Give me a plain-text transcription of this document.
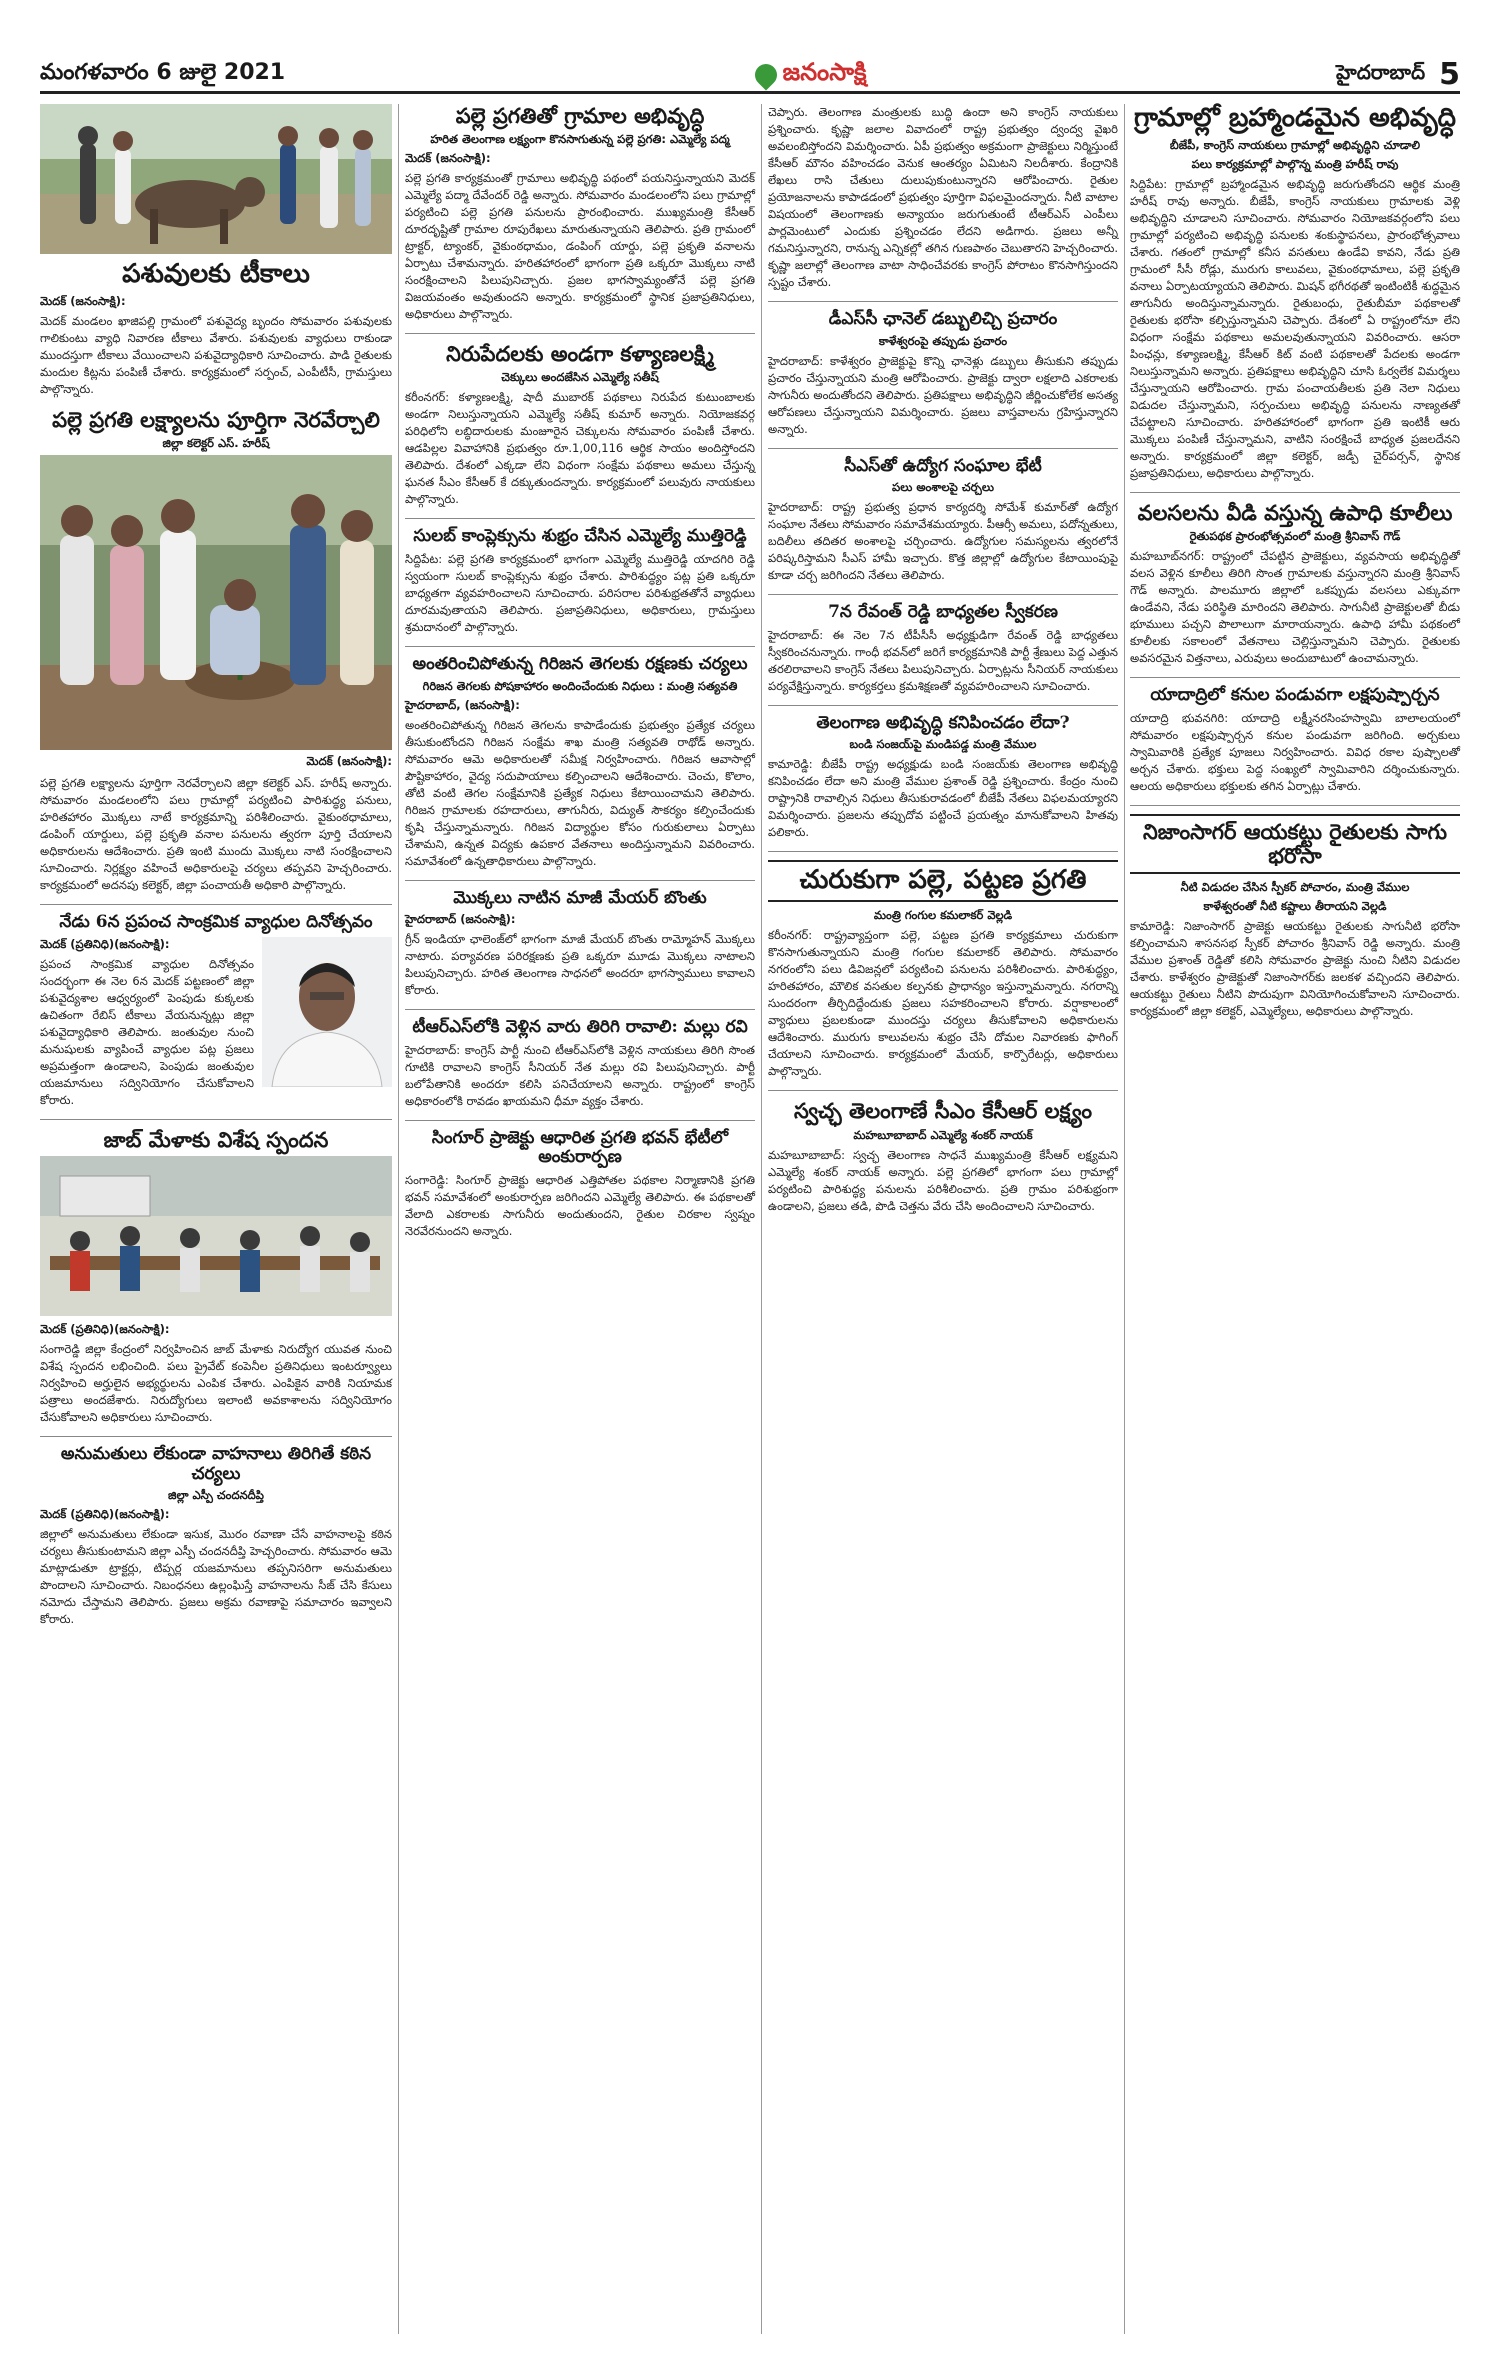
మంగళవారం 6 జులై 2021	జనంసాక్షి	హైదరాబాద్ 5
పశువులకు టీకాలు
మెదక్ (జనంసాక్షి):
మెదక్ మండలం ఖాజిపల్లి గ్రామంలో పశువైద్య బృందం సోమవారం పశువులకు గాలికుంటు వ్యాధి నివారణ టీకాలు వేశారు. పశువులకు వ్యాధులు రాకుండా ముందస్తుగా టీకాలు వేయించాలని పశువైద్యాధికారి సూచించారు. పాడి రైతులకు మందుల కిట్లను పంపిణీ చేశారు. కార్యక్రమంలో సర్పంచ్, ఎంపీటీసీ, గ్రామస్తులు పాల్గొన్నారు.
పల్లె ప్రగతి లక్ష్యాలను పూర్తిగా నెరవేర్చాలి
జిల్లా కలెక్టర్ ఎస్. హరీష్
మెదక్ (జనంసాక్షి):
పల్లె ప్రగతి లక్ష్యాలను పూర్తిగా నెరవేర్చాలని జిల్లా కలెక్టర్ ఎస్. హరీష్ అన్నారు. సోమవారం మండలంలోని పలు గ్రామాల్లో పర్యటించి పారిశుద్ధ్య పనులు, హరితహారం మొక్కలు నాటే కార్యక్రమాన్ని పరిశీలించారు. వైకుంఠధామాలు, డంపింగ్ యార్డులు, పల్లె ప్రకృతి వనాల పనులను త్వరగా పూర్తి చేయాలని అధికారులను ఆదేశించారు. ప్రతి ఇంటి ముందు మొక్కలు నాటి సంరక్షించాలని సూచించారు. నిర్లక్ష్యం వహించే అధికారులపై చర్యలు తప్పవని హెచ్చరించారు. కార్యక్రమంలో అదనపు కలెక్టర్, జిల్లా పంచాయతీ అధికారి పాల్గొన్నారు.
నేడు 6న ప్రపంచ సాంక్రమిక వ్యాధుల దినోత్సవం
మెదక్ (ప్రతినిధి)(జనంసాక్షి):
ప్రపంచ సాంక్రమిక వ్యాధుల దినోత్సవం సందర్భంగా ఈ నెల 6న మెదక్ పట్టణంలో జిల్లా పశువైద్యశాల ఆధ్వర్యంలో పెంపుడు కుక్కలకు ఉచితంగా రేబిస్ టీకాలు వేయనున్నట్లు జిల్లా పశువైద్యాధికారి తెలిపారు. జంతువుల నుంచి మనుషులకు వ్యాపించే వ్యాధుల పట్ల ప్రజలు అప్రమత్తంగా ఉండాలని, పెంపుడు జంతువుల యజమానులు సద్వినియోగం చేసుకోవాలని కోరారు.
జాబ్ మేళాకు విశేష స్పందన
మెదక్ (ప్రతినిధి)(జనంసాక్షి):
సంగారెడ్డి జిల్లా కేంద్రంలో నిర్వహించిన జాబ్ మేళాకు నిరుద్యోగ యువత నుంచి విశేష స్పందన లభించింది. పలు ప్రైవేట్ కంపెనీల ప్రతినిధులు ఇంటర్వ్యూలు నిర్వహించి అర్హులైన అభ్యర్థులను ఎంపిక చేశారు. ఎంపికైన వారికి నియామక పత్రాలు అందజేశారు. నిరుద్యోగులు ఇలాంటి అవకాశాలను సద్వినియోగం చేసుకోవాలని అధికారులు సూచించారు.
అనుమతులు లేకుండా వాహనాలు తిరిగితే కఠిన చర్యలు
జిల్లా ఎస్పీ చందనదీప్తి
మెదక్ (ప్రతినిధి)(జనంసాక్షి):
జిల్లాలో అనుమతులు లేకుండా ఇసుక, మొరం రవాణా చేసే వాహనాలపై కఠిన చర్యలు తీసుకుంటామని జిల్లా ఎస్పీ చందనదీప్తి హెచ్చరించారు. సోమవారం ఆమె మాట్లాడుతూ ట్రాక్టర్లు, టిప్పర్ల యజమానులు తప్పనిసరిగా అనుమతులు పొందాలని సూచించారు. నిబంధనలు ఉల్లంఘిస్తే వాహనాలను సీజ్ చేసి కేసులు నమోదు చేస్తామని తెలిపారు. ప్రజలు అక్రమ రవాణాపై సమాచారం ఇవ్వాలని కోరారు.
పల్లె ప్రగతితో గ్రామాల అభివృద్ధి
హరిత తెలంగాణ లక్ష్యంగా కొనసాగుతున్న పల్లె ప్రగతి: ఎమ్మెల్యే పద్మ
మెదక్ (జనంసాక్షి):
పల్లె ప్రగతి కార్యక్రమంతో గ్రామాలు అభివృద్ధి పథంలో పయనిస్తున్నాయని మెదక్ ఎమ్మెల్యే పద్మా దేవేందర్ రెడ్డి అన్నారు. సోమవారం మండలంలోని పలు గ్రామాల్లో పర్యటించి పల్లె ప్రగతి పనులను ప్రారంభించారు. ముఖ్యమంత్రి కేసీఆర్ దూరదృష్టితో గ్రామాల రూపురేఖలు మారుతున్నాయని తెలిపారు. ప్రతి గ్రామంలో ట్రాక్టర్, ట్యాంకర్, వైకుంఠధామం, డంపింగ్ యార్డు, పల్లె ప్రకృతి వనాలను ఏర్పాటు చేశామన్నారు. హరితహారంలో భాగంగా ప్రతి ఒక్కరూ మొక్కలు నాటి సంరక్షించాలని పిలుపునిచ్చారు. ప్రజల భాగస్వామ్యంతోనే పల్లె ప్రగతి విజయవంతం అవుతుందని అన్నారు. కార్యక్రమంలో స్థానిక ప్రజాప్రతినిధులు, అధికారులు పాల్గొన్నారు.
నిరుపేదలకు అండగా కళ్యాణలక్ష్మి
చెక్కులు అందజేసిన ఎమ్మెల్యే సతీష్
కరీంనగర్: కళ్యాణలక్ష్మి, షాదీ ముబారక్ పథకాలు నిరుపేద కుటుంబాలకు అండగా నిలుస్తున్నాయని ఎమ్మెల్యే సతీష్ కుమార్ అన్నారు. నియోజకవర్గ పరిధిలోని లబ్ధిదారులకు మంజూరైన చెక్కులను సోమవారం పంపిణీ చేశారు. ఆడపిల్లల వివాహానికి ప్రభుత్వం రూ.1,00,116 ఆర్థిక సాయం అందిస్తోందని తెలిపారు. దేశంలో ఎక్కడా లేని విధంగా సంక్షేమ పథకాలు అమలు చేస్తున్న ఘనత సీఎం కేసీఆర్ కే దక్కుతుందన్నారు. కార్యక్రమంలో పలువురు నాయకులు పాల్గొన్నారు.
సులబ్ కాంప్లెక్సును శుభ్రం చేసిన ఎమ్మెల్యే ముత్తిరెడ్డి
సిద్దిపేట: పల్లె ప్రగతి కార్యక్రమంలో భాగంగా ఎమ్మెల్యే ముత్తిరెడ్డి యాదగిరి రెడ్డి స్వయంగా సులబ్ కాంప్లెక్సును శుభ్రం చేశారు. పారిశుద్ధ్యం పట్ల ప్రతి ఒక్కరూ బాధ్యతగా వ్యవహరించాలని సూచించారు. పరిసరాల పరిశుభ్రతతోనే వ్యాధులు దూరమవుతాయని తెలిపారు. ప్రజాప్రతినిధులు, అధికారులు, గ్రామస్తులు శ్రమదానంలో పాల్గొన్నారు.
అంతరించిపోతున్న గిరిజన తెగలకు రక్షణకు చర్యలు
గిరిజన తెగలకు పోషకాహారం అందించేందుకు నిధులు : మంత్రి సత్యవతి
హైదరాబాద్, (జనంసాక్షి):
అంతరించిపోతున్న గిరిజన తెగలను కాపాడేందుకు ప్రభుత్వం ప్రత్యేక చర్యలు తీసుకుంటోందని గిరిజన సంక్షేమ శాఖ మంత్రి సత్యవతి రాథోడ్ అన్నారు. సోమవారం ఆమె అధికారులతో సమీక్ష నిర్వహించారు. గిరిజన ఆవాసాల్లో పౌష్టికాహారం, వైద్య సదుపాయాలు కల్పించాలని ఆదేశించారు. చెంచు, కొలాం, తోటి వంటి తెగల సంక్షేమానికి ప్రత్యేక నిధులు కేటాయించామని తెలిపారు. గిరిజన గ్రామాలకు రహదారులు, తాగునీరు, విద్యుత్ సౌకర్యం కల్పించేందుకు కృషి చేస్తున్నామన్నారు. గిరిజన విద్యార్థుల కోసం గురుకులాలు ఏర్పాటు చేశామని, ఉన్నత విద్యకు ఉపకార వేతనాలు అందిస్తున్నామని వివరించారు. సమావేశంలో ఉన్నతాధికారులు పాల్గొన్నారు.
మొక్కలు నాటిన మాజీ మేయర్ బొంతు
హైదరాబాద్ (జనంసాక్షి):
గ్రీన్ ఇండియా ఛాలెంజ్‌లో భాగంగా మాజీ మేయర్ బొంతు రామ్మోహన్ మొక్కలు నాటారు. పర్యావరణ పరిరక్షణకు ప్రతి ఒక్కరూ మూడు మొక్కలు నాటాలని పిలుపునిచ్చారు. హరిత తెలంగాణ సాధనలో అందరూ భాగస్వాములు కావాలని కోరారు.
టీఆర్‌ఎస్‌లోకి వెళ్లిన వారు తిరిగి రావాలి: మల్లు రవి
హైదరాబాద్: కాంగ్రెస్ పార్టీ నుంచి టీఆర్‌ఎస్‌లోకి వెళ్లిన నాయకులు తిరిగి సొంత గూటికి రావాలని కాంగ్రెస్ సీనియర్ నేత మల్లు రవి పిలుపునిచ్చారు. పార్టీ బలోపేతానికి అందరూ కలిసి పనిచేయాలని అన్నారు. రాష్ట్రంలో కాంగ్రెస్ అధికారంలోకి రావడం ఖాయమని ధీమా వ్యక్తం చేశారు.
సింగూర్ ప్రాజెక్టు ఆధారిత ప్రగతి భవన్ భేటీలో అంకురార్పణ
సంగారెడ్డి: సింగూర్ ప్రాజెక్టు ఆధారిత ఎత్తిపోతల పథకాల నిర్మాణానికి ప్రగతి భవన్ సమావేశంలో అంకురార్పణ జరిగిందని ఎమ్మెల్యే తెలిపారు. ఈ పథకాలతో వేలాది ఎకరాలకు సాగునీరు అందుతుందని, రైతుల చిరకాల స్వప్నం నెరవేరనుందని అన్నారు.
చెప్పారు. తెలంగాణ మంత్రులకు బుద్ధి ఉందా అని కాంగ్రెస్ నాయకులు ప్రశ్నించారు. కృష్ణా జలాల వివాదంలో రాష్ట్ర ప్రభుత్వం ద్వంద్వ వైఖరి అవలంబిస్తోందని విమర్శించారు. ఏపీ ప్రభుత్వం అక్రమంగా ప్రాజెక్టులు నిర్మిస్తుంటే కేసీఆర్ మౌనం వహించడం వెనుక ఆంతర్యం ఏమిటని నిలదీశారు. కేంద్రానికి లేఖలు రాసి చేతులు దులుపుకుంటున్నారని ఆరోపించారు. రైతుల ప్రయోజనాలను కాపాడడంలో ప్రభుత్వం పూర్తిగా విఫలమైందన్నారు. నీటి వాటాల విషయంలో తెలంగాణకు అన్యాయం జరుగుతుంటే టీఆర్‌ఎస్ ఎంపీలు పార్లమెంటులో ఎందుకు ప్రశ్నించడం లేదని అడిగారు. ప్రజలు అన్నీ గమనిస్తున్నారని, రానున్న ఎన్నికల్లో తగిన గుణపాఠం చెబుతారని హెచ్చరించారు. కృష్ణా జలాల్లో తెలంగాణ వాటా సాధించేవరకు కాంగ్రెస్ పోరాటం కొనసాగిస్తుందని స్పష్టం చేశారు.
డీఎస్‌సీ ఛానెల్ డబ్బులిచ్చి ప్రచారం
కాళేశ్వరంపై తప్పుడు ప్రచారం
హైదరాబాద్: కాళేశ్వరం ప్రాజెక్టుపై కొన్ని ఛానెళ్లు డబ్బులు తీసుకుని తప్పుడు ప్రచారం చేస్తున్నాయని మంత్రి ఆరోపించారు. ప్రాజెక్టు ద్వారా లక్షలాది ఎకరాలకు సాగునీరు అందుతోందని తెలిపారు. ప్రతిపక్షాలు అభివృద్ధిని జీర్ణించుకోలేక అసత్య ఆరోపణలు చేస్తున్నాయని విమర్శించారు. ప్రజలు వాస్తవాలను గ్రహిస్తున్నారని అన్నారు.
సీఎస్‌తో ఉద్యోగ సంఘాల భేటీ
పలు అంశాలపై చర్చలు
హైదరాబాద్: రాష్ట్ర ప్రభుత్వ ప్రధాన కార్యదర్శి సోమేశ్ కుమార్‌తో ఉద్యోగ సంఘాల నేతలు సోమవారం సమావేశమయ్యారు. పీఆర్సీ అమలు, పదోన్నతులు, బదిలీలు తదితర అంశాలపై చర్చించారు. ఉద్యోగుల సమస్యలను త్వరలోనే పరిష్కరిస్తామని సీఎస్ హామీ ఇచ్చారు. కొత్త జిల్లాల్లో ఉద్యోగుల కేటాయింపుపై కూడా చర్చ జరిగిందని నేతలు తెలిపారు.
7న రేవంత్ రెడ్డి బాధ్యతల స్వీకరణ
హైదరాబాద్: ఈ నెల 7న టీపీసీసీ అధ్యక్షుడిగా రేవంత్ రెడ్డి బాధ్యతలు స్వీకరించనున్నారు. గాంధీ భవన్‌లో జరిగే కార్యక్రమానికి పార్టీ శ్రేణులు పెద్ద ఎత్తున తరలిరావాలని కాంగ్రెస్ నేతలు పిలుపునిచ్చారు. ఏర్పాట్లను సీనియర్ నాయకులు పర్యవేక్షిస్తున్నారు. కార్యకర్తలు క్రమశిక్షణతో వ్యవహరించాలని సూచించారు.
తెలంగాణ అభివృద్ధి కనిపించడం లేదా?
బండి సంజయ్‌పై మండిపడ్డ మంత్రి వేముల
కామారెడ్డి: బీజేపీ రాష్ట్ర అధ్యక్షుడు బండి సంజయ్‌కు తెలంగాణ అభివృద్ధి కనిపించడం లేదా అని మంత్రి వేముల ప్రశాంత్ రెడ్డి ప్రశ్నించారు. కేంద్రం నుంచి రాష్ట్రానికి రావాల్సిన నిధులు తీసుకురావడంలో బీజేపీ నేతలు విఫలమయ్యారని విమర్శించారు. ప్రజలను తప్పుదోవ పట్టించే ప్రయత్నం మానుకోవాలని హితవు పలికారు.
చురుకుగా పల్లె, పట్టణ ప్రగతి
మంత్రి గంగుల కమలాకర్ వెల్లడి
కరీంనగర్: రాష్ట్రవ్యాప్తంగా పల్లె, పట్టణ ప్రగతి కార్యక్రమాలు చురుకుగా కొనసాగుతున్నాయని మంత్రి గంగుల కమలాకర్ తెలిపారు. సోమవారం నగరంలోని పలు డివిజన్లలో పర్యటించి పనులను పరిశీలించారు. పారిశుద్ధ్యం, హరితహారం, మౌలిక వసతుల కల్పనకు ప్రాధాన్యం ఇస్తున్నామన్నారు. నగరాన్ని సుందరంగా తీర్చిదిద్దేందుకు ప్రజలు సహకరించాలని కోరారు. వర్షాకాలంలో వ్యాధులు ప్రబలకుండా ముందస్తు చర్యలు తీసుకోవాలని అధికారులను ఆదేశించారు. మురుగు కాలువలను శుభ్రం చేసి దోమల నివారణకు ఫాగింగ్ చేయాలని సూచించారు. కార్యక్రమంలో మేయర్, కార్పొరేటర్లు, అధికారులు పాల్గొన్నారు.
స్వచ్ఛ తెలంగాణే సీఎం కేసీఆర్ లక్ష్యం
మహబూబాబాద్ ఎమ్మెల్యే శంకర్ నాయక్
మహబూబాబాద్: స్వచ్ఛ తెలంగాణ సాధనే ముఖ్యమంత్రి కేసీఆర్ లక్ష్యమని ఎమ్మెల్యే శంకర్ నాయక్ అన్నారు. పల్లె ప్రగతిలో భాగంగా పలు గ్రామాల్లో పర్యటించి పారిశుద్ధ్య పనులను పరిశీలించారు. ప్రతి గ్రామం పరిశుభ్రంగా ఉండాలని, ప్రజలు తడి, పొడి చెత్తను వేరు చేసి అందించాలని సూచించారు.
గ్రామాల్లో బ్రహ్మాండమైన అభివృద్ధి
బీజేపీ, కాంగ్రెస్ నాయకులు గ్రామాల్లో అభివృద్ధిని చూడాలి
పలు కార్యక్రమాల్లో పాల్గొన్న మంత్రి హరీష్ రావు
సిద్దిపేట: గ్రామాల్లో బ్రహ్మాండమైన అభివృద్ధి జరుగుతోందని ఆర్థిక మంత్రి హరీష్ రావు అన్నారు. బీజేపీ, కాంగ్రెస్ నాయకులు గ్రామాలకు వెళ్లి అభివృద్ధిని చూడాలని సూచించారు. సోమవారం నియోజకవర్గంలోని పలు గ్రామాల్లో పర్యటించి అభివృద్ధి పనులకు శంకుస్థాపనలు, ప్రారంభోత్సవాలు చేశారు. గతంలో గ్రామాల్లో కనీస వసతులు ఉండేవి కావని, నేడు ప్రతి గ్రామంలో సీసీ రోడ్లు, మురుగు కాలువలు, వైకుంఠధామాలు, పల్లె ప్రకృతి వనాలు ఏర్పాటయ్యాయని తెలిపారు. మిషన్ భగీరథతో ఇంటింటికీ శుద్ధమైన తాగునీరు అందిస్తున్నామన్నారు. రైతుబంధు, రైతుబీమా పథకాలతో రైతులకు భరోసా కల్పిస్తున్నామని చెప్పారు. దేశంలో ఏ రాష్ట్రంలోనూ లేని విధంగా సంక్షేమ పథకాలు అమలవుతున్నాయని వివరించారు. ఆసరా పింఛన్లు, కళ్యాణలక్ష్మి, కేసీఆర్ కిట్ వంటి పథకాలతో పేదలకు అండగా నిలుస్తున్నామని అన్నారు. ప్రతిపక్షాలు అభివృద్ధిని చూసి ఓర్వలేక విమర్శలు చేస్తున్నాయని ఆరోపించారు. గ్రామ పంచాయతీలకు ప్రతి నెలా నిధులు విడుదల చేస్తున్నామని, సర్పంచులు అభివృద్ధి పనులను నాణ్యతతో చేపట్టాలని సూచించారు. హరితహారంలో భాగంగా ప్రతి ఇంటికీ ఆరు మొక్కలు పంపిణీ చేస్తున్నామని, వాటిని సంరక్షించే బాధ్యత ప్రజలదేనని అన్నారు. కార్యక్రమంలో జిల్లా కలెక్టర్, జడ్పీ చైర్‌పర్సన్, స్థానిక ప్రజాప్రతినిధులు, అధికారులు పాల్గొన్నారు.
వలసలను వీడి వస్తున్న ఉపాధి కూలీలు
రైతుపథక ప్రారంభోత్సవంలో మంత్రి శ్రీనివాస్ గౌడ్
మహబూబ్‌నగర్: రాష్ట్రంలో చేపట్టిన ప్రాజెక్టులు, వ్యవసాయ అభివృద్ధితో వలస వెళ్లిన కూలీలు తిరిగి సొంత గ్రామాలకు వస్తున్నారని మంత్రి శ్రీనివాస్ గౌడ్ అన్నారు. పాలమూరు జిల్లాలో ఒకప్పుడు వలసలు ఎక్కువగా ఉండేవని, నేడు పరిస్థితి మారిందని తెలిపారు. సాగునీటి ప్రాజెక్టులతో బీడు భూములు పచ్చని పొలాలుగా మారాయన్నారు. ఉపాధి హామీ పథకంలో కూలీలకు సకాలంలో వేతనాలు చెల్లిస్తున్నామని చెప్పారు. రైతులకు అవసరమైన విత్తనాలు, ఎరువులు అందుబాటులో ఉంచామన్నారు.
యాదాద్రిలో కనుల పండువగా లక్షపుష్పార్చన
యాదాద్రి భువనగిరి: యాదాద్రి లక్ష్మీనరసింహస్వామి బాలాలయంలో సోమవారం లక్షపుష్పార్చన కనుల పండువగా జరిగింది. అర్చకులు స్వామివారికి ప్రత్యేక పూజలు నిర్వహించారు. వివిధ రకాల పుష్పాలతో అర్చన చేశారు. భక్తులు పెద్ద సంఖ్యలో స్వామివారిని దర్శించుకున్నారు. ఆలయ అధికారులు భక్తులకు తగిన ఏర్పాట్లు చేశారు.
నిజాంసాగర్ ఆయకట్టు రైతులకు సాగు భరోసా
నీటి విడుదల చేసిన స్పీకర్ పోచారం, మంత్రి వేముల
కాళేశ్వరంతో నీటి కష్టాలు తీరాయని వెల్లడి
కామారెడ్డి: నిజాంసాగర్ ప్రాజెక్టు ఆయకట్టు రైతులకు సాగునీటి భరోసా కల్పించామని శాసనసభ స్పీకర్ పోచారం శ్రీనివాస్ రెడ్డి అన్నారు. మంత్రి వేముల ప్రశాంత్ రెడ్డితో కలిసి సోమవారం ప్రాజెక్టు నుంచి నీటిని విడుదల చేశారు. కాళేశ్వరం ప్రాజెక్టుతో నిజాంసాగర్‌కు జలకళ వచ్చిందని తెలిపారు. ఆయకట్టు రైతులు నీటిని పొదుపుగా వినియోగించుకోవాలని సూచించారు. కార్యక్రమంలో జిల్లా కలెక్టర్, ఎమ్మెల్యేలు, అధికారులు పాల్గొన్నారు.
